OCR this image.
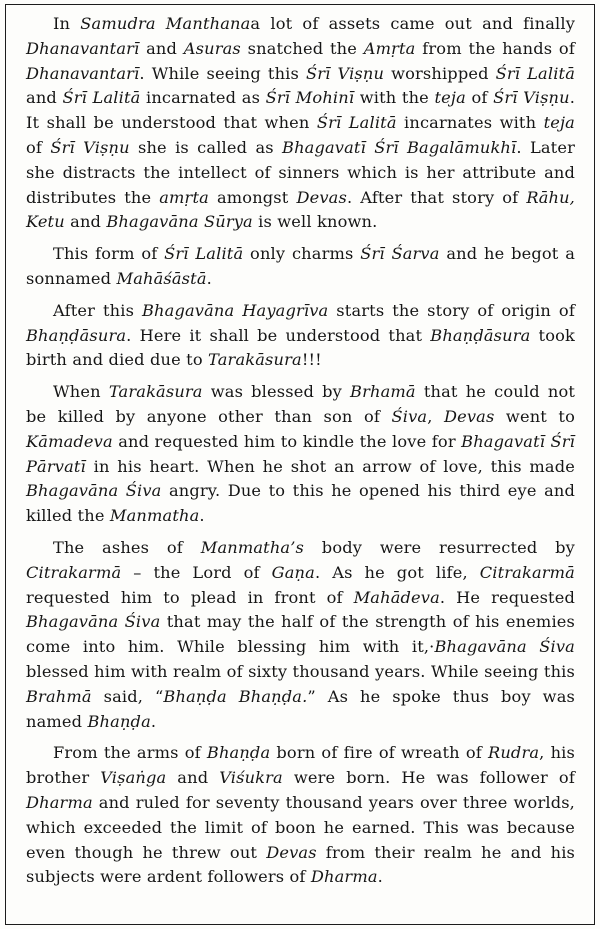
In Samudra Manthanaa lot of assets came out and finally Dhanavantarī and Asuras snatched the Amṛta from the hands of Dhanavantarī. While seeing this Śrī Viṣṇu worshipped Śrī Lalitā and Śrī Lalitā incarnated as Śrī Mohinī with the teja of Śrī Viṣṇu. It shall be understood that when Śrī Lalitā incarnates with teja of Śrī Viṣṇu she is called as Bhagavatī Śrī Bagalāmukhī. Later she distracts the intellect of sinners which is her attribute and distributes the amṛta amongst Devas. After that story of Rāhu, Ketu and Bhagavāna Sūrya is well known.

This form of Śrī Lalitā only charms Śrī Śarva and he begot a sonnamed Mahāśāstā.

After this Bhagavāna Hayagrīva starts the story of origin of Bhaṇḍāsura. Here it shall be understood that Bhaṇḍāsura took birth and died due to Tarakāsura!!!

When Tarakāsura was blessed by Brhamā that he could not be killed by anyone other than son of Śiva, Devas went to Kāmadeva and requested him to kindle the love for Bhagavatī Śrī Pārvatī in his heart. When he shot an arrow of love, this made Bhagavāna Śiva angry. Due to this he opened his third eye and killed the Manmatha.

The ashes of Manmatha’s body were resurrected by Citrakarmā – the Lord of Gaṇa. As he got life, Citrakarmā requested him to plead in front of Mahādeva. He requested Bhagavāna Śiva that may the half of the strength of his enemies come into him. While blessing him with it,·Bhagavāna Śiva blessed him with realm of sixty thousand years. While seeing this Brahmā said, “Bhaṇḍa Bhaṇḍa.” As he spoke thus boy was named Bhaṇḍa.

From the arms of Bhaṇḍa born of fire of wreath of Rudra, his brother Viṣaṅga and Viśukra were born. He was follower of Dharma and ruled for seventy thousand years over three worlds, which exceeded the limit of boon he earned. This was because even though he threw out Devas from their realm he and his subjects were ardent followers of Dharma.
